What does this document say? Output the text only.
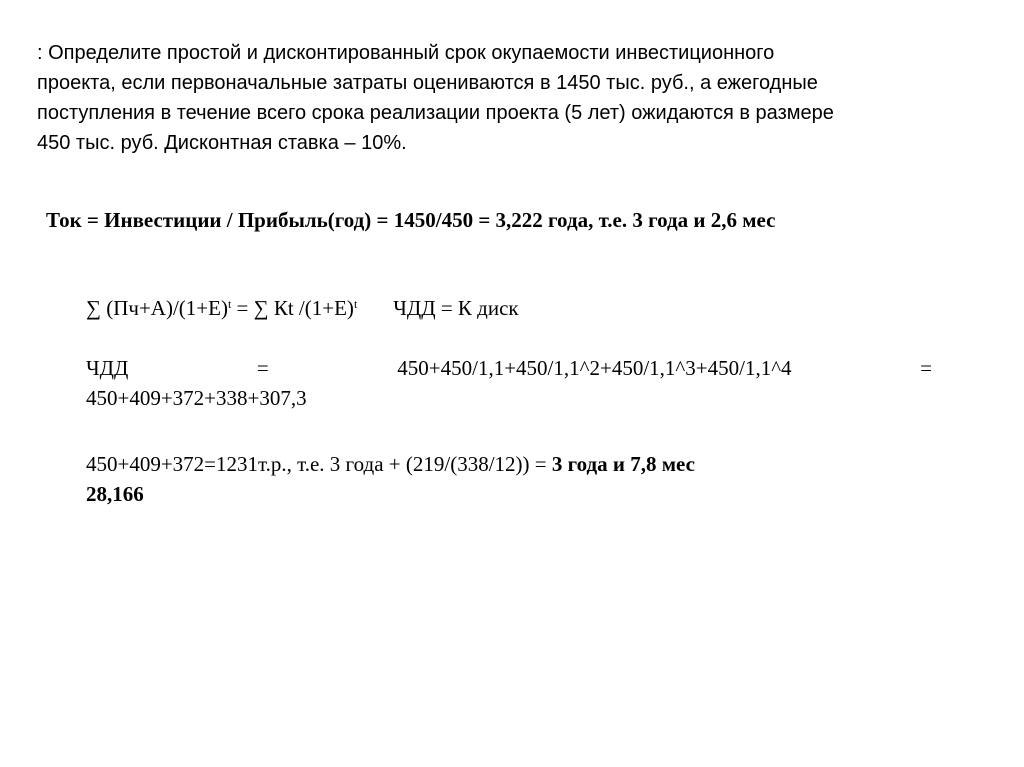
: Определите простой и дисконтированный срок окупаемости инвестиционного
проекта, если первоначальные затраты оцениваются в 1450 тыс. руб., а ежегодные
поступления в течение всего срока реализации проекта (5 лет) ожидаются в размере
450 тыс. руб. Дисконтная ставка – 10%.
Ток = Инвестиции / Прибыль(год) = 1450/450 = 3,222 года, т.е. 3 года и 2,6 мес
∑ $(Пч+А)/(1+Е)^t$ = ∑ Кt $/(1+Е)^t$ ЧДД = К диск
ЧДД	=	450+450/1,1+450/1,1^2+450/1,1^3+450/1,1^4	=
450+409+372+338+307,3
450+409+372=1231т.р., т.е. 3 года + (219/(338/12)) = 3 года и 7,8 мес
28,166
